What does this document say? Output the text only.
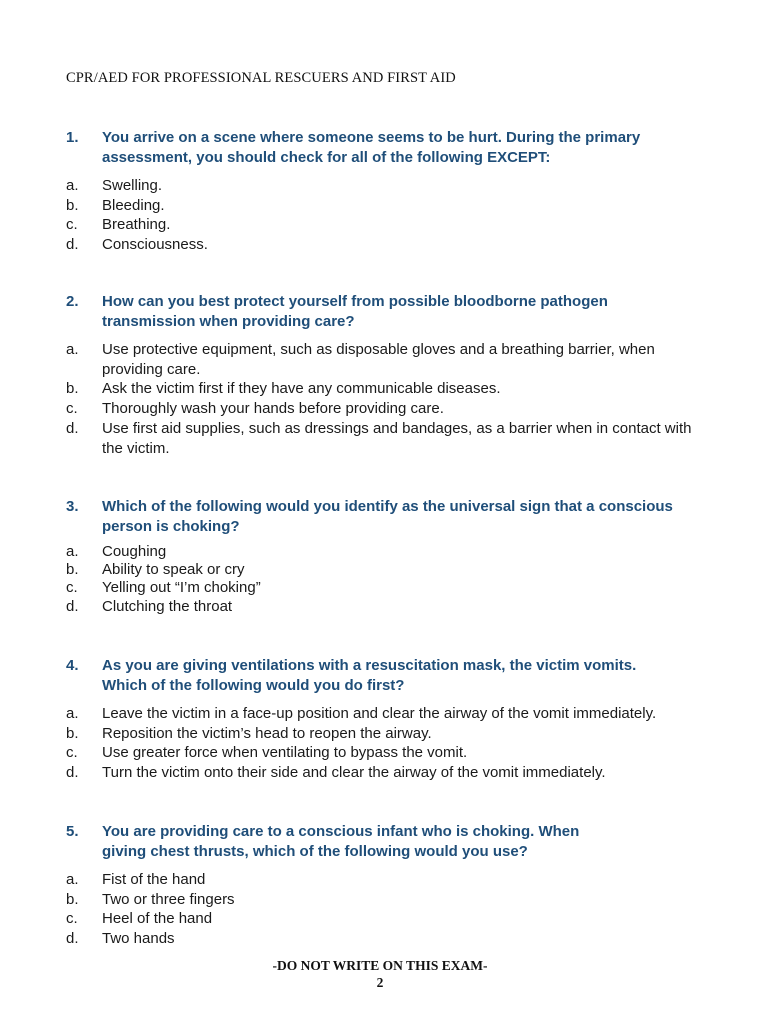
CPR/AED FOR PROFESSIONAL RESCUERS AND FIRST AID
1. You arrive on a scene where someone seems to be hurt. During the primary assessment, you should check for all of the following EXCEPT:
a. Swelling.
b. Bleeding.
c. Breathing.
d. Consciousness.
2. How can you best protect yourself from possible bloodborne pathogen transmission when providing care?
a. Use protective equipment, such as disposable gloves and a breathing barrier, when providing care.
b. Ask the victim first if they have any communicable diseases.
c. Thoroughly wash your hands before providing care.
d. Use first aid supplies, such as dressings and bandages, as a barrier when in contact with the victim.
3. Which of the following would you identify as the universal sign that a conscious person is choking?
a. Coughing
b. Ability to speak or cry
c. Yelling out “I’m choking”
d. Clutching the throat
4. As you are giving ventilations with a resuscitation mask, the victim vomits. Which of the following would you do first?
a. Leave the victim in a face-up position and clear the airway of the vomit immediately.
b. Reposition the victim’s head to reopen the airway.
c. Use greater force when ventilating to bypass the vomit.
d. Turn the victim onto their side and clear the airway of the vomit immediately.
5. You are providing care to a conscious infant who is choking. When giving chest thrusts, which of the following would you use?
a. Fist of the hand
b. Two or three fingers
c. Heel of the hand
d. Two hands
-DO NOT WRITE ON THIS EXAM-
2
